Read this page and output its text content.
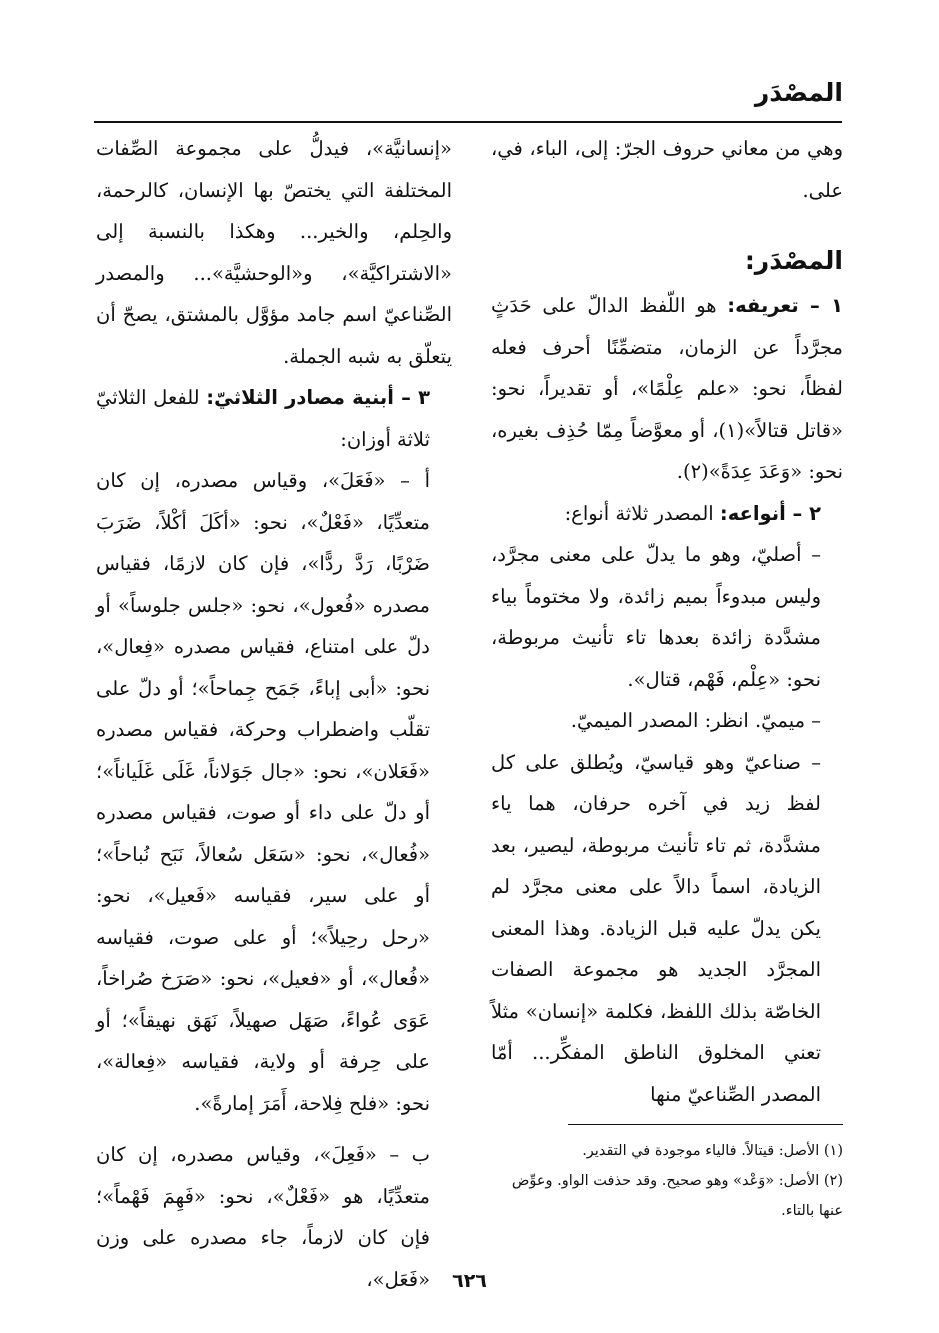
المصْدَر

وهي من معاني حروف الجرّ: إلى، الباء، في، على.

المصْدَر:

١ – تعريفه: هو اللّفظ الدالّ على حَدَثٍ مجرَّداً عن الزمان، متضمِّنًا أحرف فعله لفظاً، نحو: «علم عِلْمًا»، أو تقديراً، نحو: «قاتل قتالاً»(١)، أو معوَّضاً مِمّا حُذِف بغيره، نحو: «وَعَدَ عِدَةً»(٢).

٢ – أنواعه: المصدر ثلاثة أنواع:

– أصليّ، وهو ما يدلّ على معنى مجرَّد، وليس مبدوءاً بميم زائدة، ولا مختوماً بياء مشدَّدة زائدة بعدها تاء تأنيث مربوطة، نحو: «عِلْم، فَهْم، قتال».

– ميميّ. انظر: المصدر الميميّ.

– صناعيّ وهو قياسيّ، ويُطلق على كل لفظ زيد في آخره حرفان، هما ياء مشدَّدة، ثم تاء تأنيث مربوطة، ليصير، بعد الزيادة، اسماً دالاً على معنى مجرَّد لم يكن يدلّ عليه قبل الزيادة. وهذا المعنى المجرَّد الجديد هو مجموعة الصفات الخاصّة بذلك اللفظ، فكلمة «إنسان» مثلاً تعني المخلوق الناطق المفكِّر... أمّا المصدر الصِّناعيّ منها

«إنسانيَّة»، فيدلُّ على مجموعة الصِّفات المختلفة التي يختصّ بها الإنسان، كالرحمة، والحِلم، والخير... وهكذا بالنسبة إلى «الاشتراكيَّة»، و«الوحشيَّة»... والمصدر الصِّناعيّ اسم جامد مؤوَّل بالمشتق، يصحّ أن يتعلّق به شبه الجملة.

٣ – أبنية مصادر الثلاثيّ: للفعل الثلاثيّ ثلاثة أوزان:

أ – «فَعَلَ»، وقياس مصدره، إن كان متعدِّيًا، «فَعْلٌ»، نحو: «أكَلَ أكْلاً، ضَرَبَ ضَرْبًا، رَدَّ ردًّا»، فإن كان لازمًا، فقياس مصدره «فُعول»، نحو: «جلس جلوساً» أو دلّ على امتناع، فقياس مصدره «فِعال»، نحو: «أبى إباءً، جَمَح جِماحاً»؛ أو دلّ على تقلّب واضطراب وحركة، فقياس مصدره «فَعَلان»، نحو: «جال جَوَلاناً، غَلَى غَلَياناً»؛ أو دلّ على داء أو صوت، فقياس مصدره «فُعال»، نحو: «سَعَل سُعالاً، نَبَح نُباحاً»؛ أو على سير، فقياسه «فَعيل»، نحو: «رحل رحِيلاً»؛ أو على صوت، فقياسه «فُعال»، أو «فعيل»، نحو: «صَرَخ صُراخاً، عَوَى عُواءً، صَهَل صهيلاً، نَهَق نهيقاً»؛ أو على حِرفة أو ولاية، فقياسه «فِعالة»، نحو: «فلح فِلاحة، أَمَرَ إمارةً».

ب – «فَعِلَ»، وقياس مصدره، إن كان متعدِّيًا، هو «فَعْلٌ»، نحو: «فَهِمَ فَهْماً»؛ فإن كان لازماً، جاء مصدره على وزن «فَعَل»،

(١) الأصل: قيتالاً. فالياء موجودة في التقدير.

(٢) الأصل: «وَعْد» وهو صحيح. وقد حذفت الواو. وعوِّض عنها بالتاء.

٦٢٦
